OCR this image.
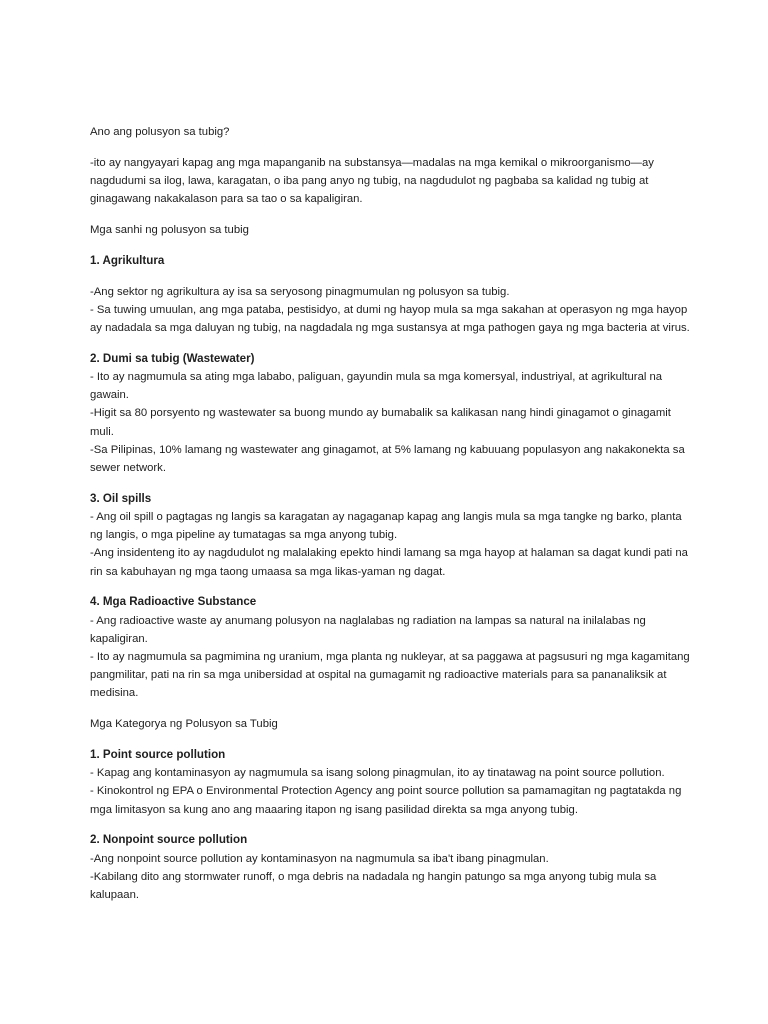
Ano ang polusyon sa tubig?

-ito ay nangyayari kapag ang mga mapanganib na substansya—madalas na mga kemikal o mikroorganismo—ay nagdudumi sa ilog, lawa, karagatan, o iba pang anyo ng tubig, na nagdudulot ng pagbaba sa kalidad ng tubig at ginagawang nakakalason para sa tao o sa kapaligiran.

Mga sanhi ng polusyon sa tubig

1. Agrikultura

-Ang sektor ng agrikultura ay isa sa seryosong pinagmumulan ng polusyon sa tubig.

- Sa tuwing umuulan, ang mga pataba, pestisidyo, at dumi ng hayop mula sa mga sakahan at operasyon ng mga hayop ay nadadala sa mga daluyan ng tubig, na nagdadala ng mga sustansya at mga pathogen gaya ng mga bacteria at virus.

2. Dumi sa tubig (Wastewater)

- Ito ay nagmumula sa ating mga lababo, paliguan, gayundin mula sa mga komersyal, industriyal, at agrikultural na gawain.

-Higit sa 80 porsyento ng wastewater sa buong mundo ay bumabalik sa kalikasan nang hindi ginagamot o ginagamit muli.

-Sa Pilipinas, 10% lamang ng wastewater ang ginagamot, at 5% lamang ng kabuuang populasyon ang nakakonekta sa sewer network.

3. Oil spills

- Ang oil spill o pagtagas ng langis sa karagatan ay nagaganap kapag ang langis mula sa mga tangke ng barko, planta ng langis, o mga pipeline ay tumatagas sa mga anyong tubig.

-Ang insidenteng ito ay nagdudulot ng malalaking epekto hindi lamang sa mga hayop at halaman sa dagat kundi pati na rin sa kabuhayan ng mga taong umaasa sa mga likas-yaman ng dagat.

4. Mga Radioactive Substance

- Ang radioactive waste ay anumang polusyon na naglalabas ng radiation na lampas sa natural na inilalabas ng kapaligiran.

- Ito ay nagmumula sa pagmimina ng uranium, mga planta ng nukleyar, at sa paggawa at pagsusuri ng mga kagamitang pangmilitar, pati na rin sa mga unibersidad at ospital na gumagamit ng radioactive materials para sa pananaliksik at medisina.

Mga Kategorya ng Polusyon sa Tubig

1. Point source pollution

- Kapag ang kontaminasyon ay nagmumula sa isang solong pinagmulan, ito ay tinatawag na point source pollution.

- Kinokontrol ng EPA o Environmental Protection Agency ang point source pollution sa pamamagitan ng pagtatakda ng mga limitasyon sa kung ano ang maaaring itapon ng isang pasilidad direkta sa mga anyong tubig.

2. Nonpoint source pollution

-Ang nonpoint source pollution ay kontaminasyon na nagmumula sa iba't ibang pinagmulan.

-Kabilang dito ang stormwater runoff, o mga debris na nadadala ng hangin patungo sa mga anyong tubig mula sa kalupaan.
